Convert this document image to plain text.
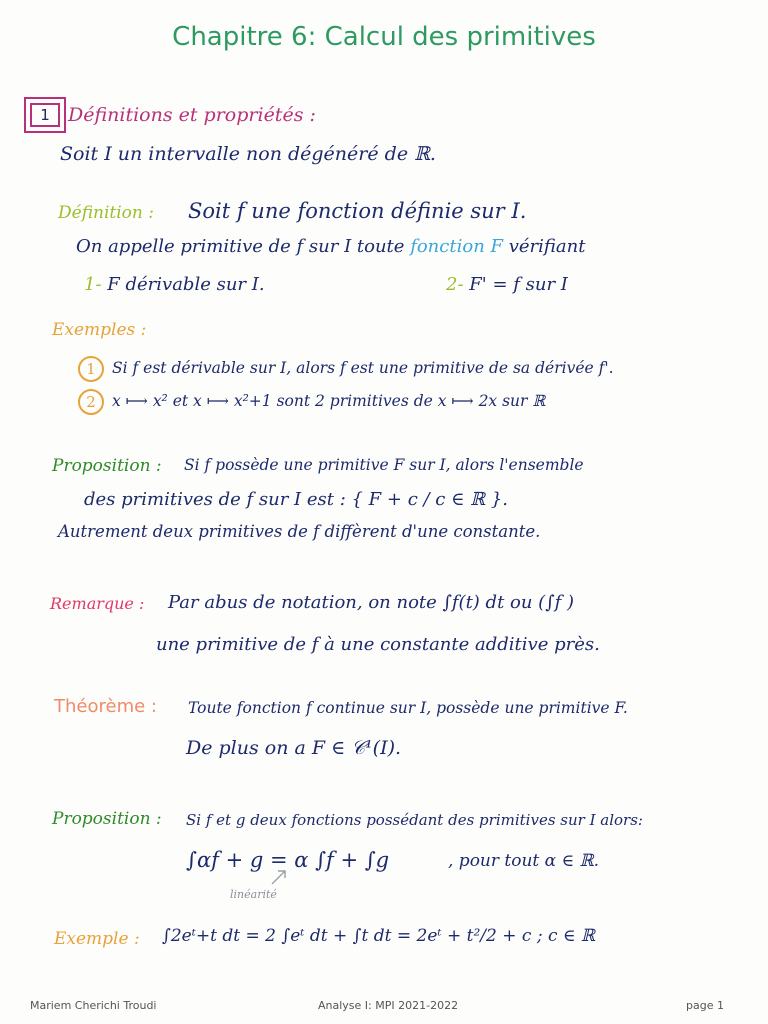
Chapitre 6: Calcul des primitives
1 Définitions et propriétés :
Soit I un intervalle non dégénéré de ℝ.
Définition : Soit f une fonction définie sur I.
On appelle primitive de f sur I toute fonction F vérifiant
1- F dérivable sur I.	2- F' = f sur I
Exemples :
1 Si f est dérivable sur I, alors f est une primitive de sa dérivée f'.
2 x ⟼ x² et x ⟼ x²+1 sont 2 primitives de x ⟼ 2x sur ℝ
Proposition : Si f possède une primitive F sur I, alors l'ensemble
des primitives de f sur I est : { F + c / c ∈ ℝ }.
Autrement deux primitives de f diffèrent d'une constante.
Remarque : Par abus de notation, on note ∫f(t) dt ou (∫f )
une primitive de f à une constante additive près.
Théorème : Toute fonction f continue sur I, possède une primitive F.
De plus on a F ∈ 𝒞¹(I).
Proposition : Si f et g deux fonctions possédant des primitives sur I alors:
∫αf + g = α ∫f + ∫g	, pour tout α ∈ ℝ.
linéarité
Exemple : ∫2eᵗ+t dt = 2 ∫eᵗ dt + ∫t dt = 2eᵗ + t²/2 + c ; c ∈ ℝ
Mariem Cherichi Troudi	Analyse I: MPI 2021-2022	page 1
